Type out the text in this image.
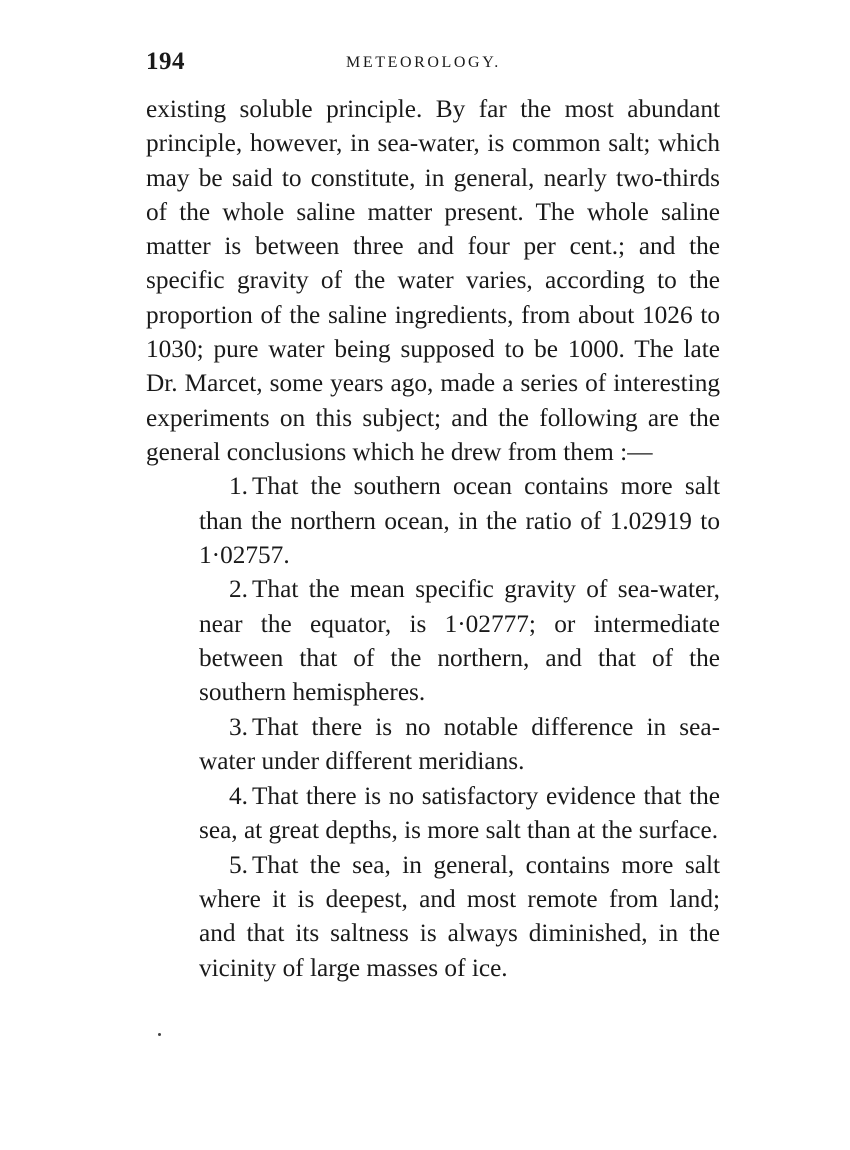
194	METEOROLOGY.

existing soluble principle. By far the most abundant principle, however, in sea-water, is common salt; which may be said to constitute, in general, nearly two-thirds of the whole saline matter present. The whole saline matter is between three and four per cent.; and the specific gravity of the water varies, according to the proportion of the saline ingredients, from about 1026 to 1030; pure water being supposed to be 1000. The late Dr. Marcet, some years ago, made a series of interesting experiments on this subject; and the following are the general conclusions which he drew from them :—

1. That the southern ocean contains more salt than the northern ocean, in the ratio of 1.02919 to 1·02757.
2. That the mean specific gravity of sea-water, near the equator, is 1·02777; or intermediate between that of the northern, and that of the southern hemispheres.
3. That there is no notable difference in sea-water under different meridians.
4. That there is no satisfactory evidence that the sea, at great depths, is more salt than at the surface.
5. That the sea, in general, contains more salt where it is deepest, and most remote from land; and that its saltness is always diminished, in the vicinity of large masses of ice.
